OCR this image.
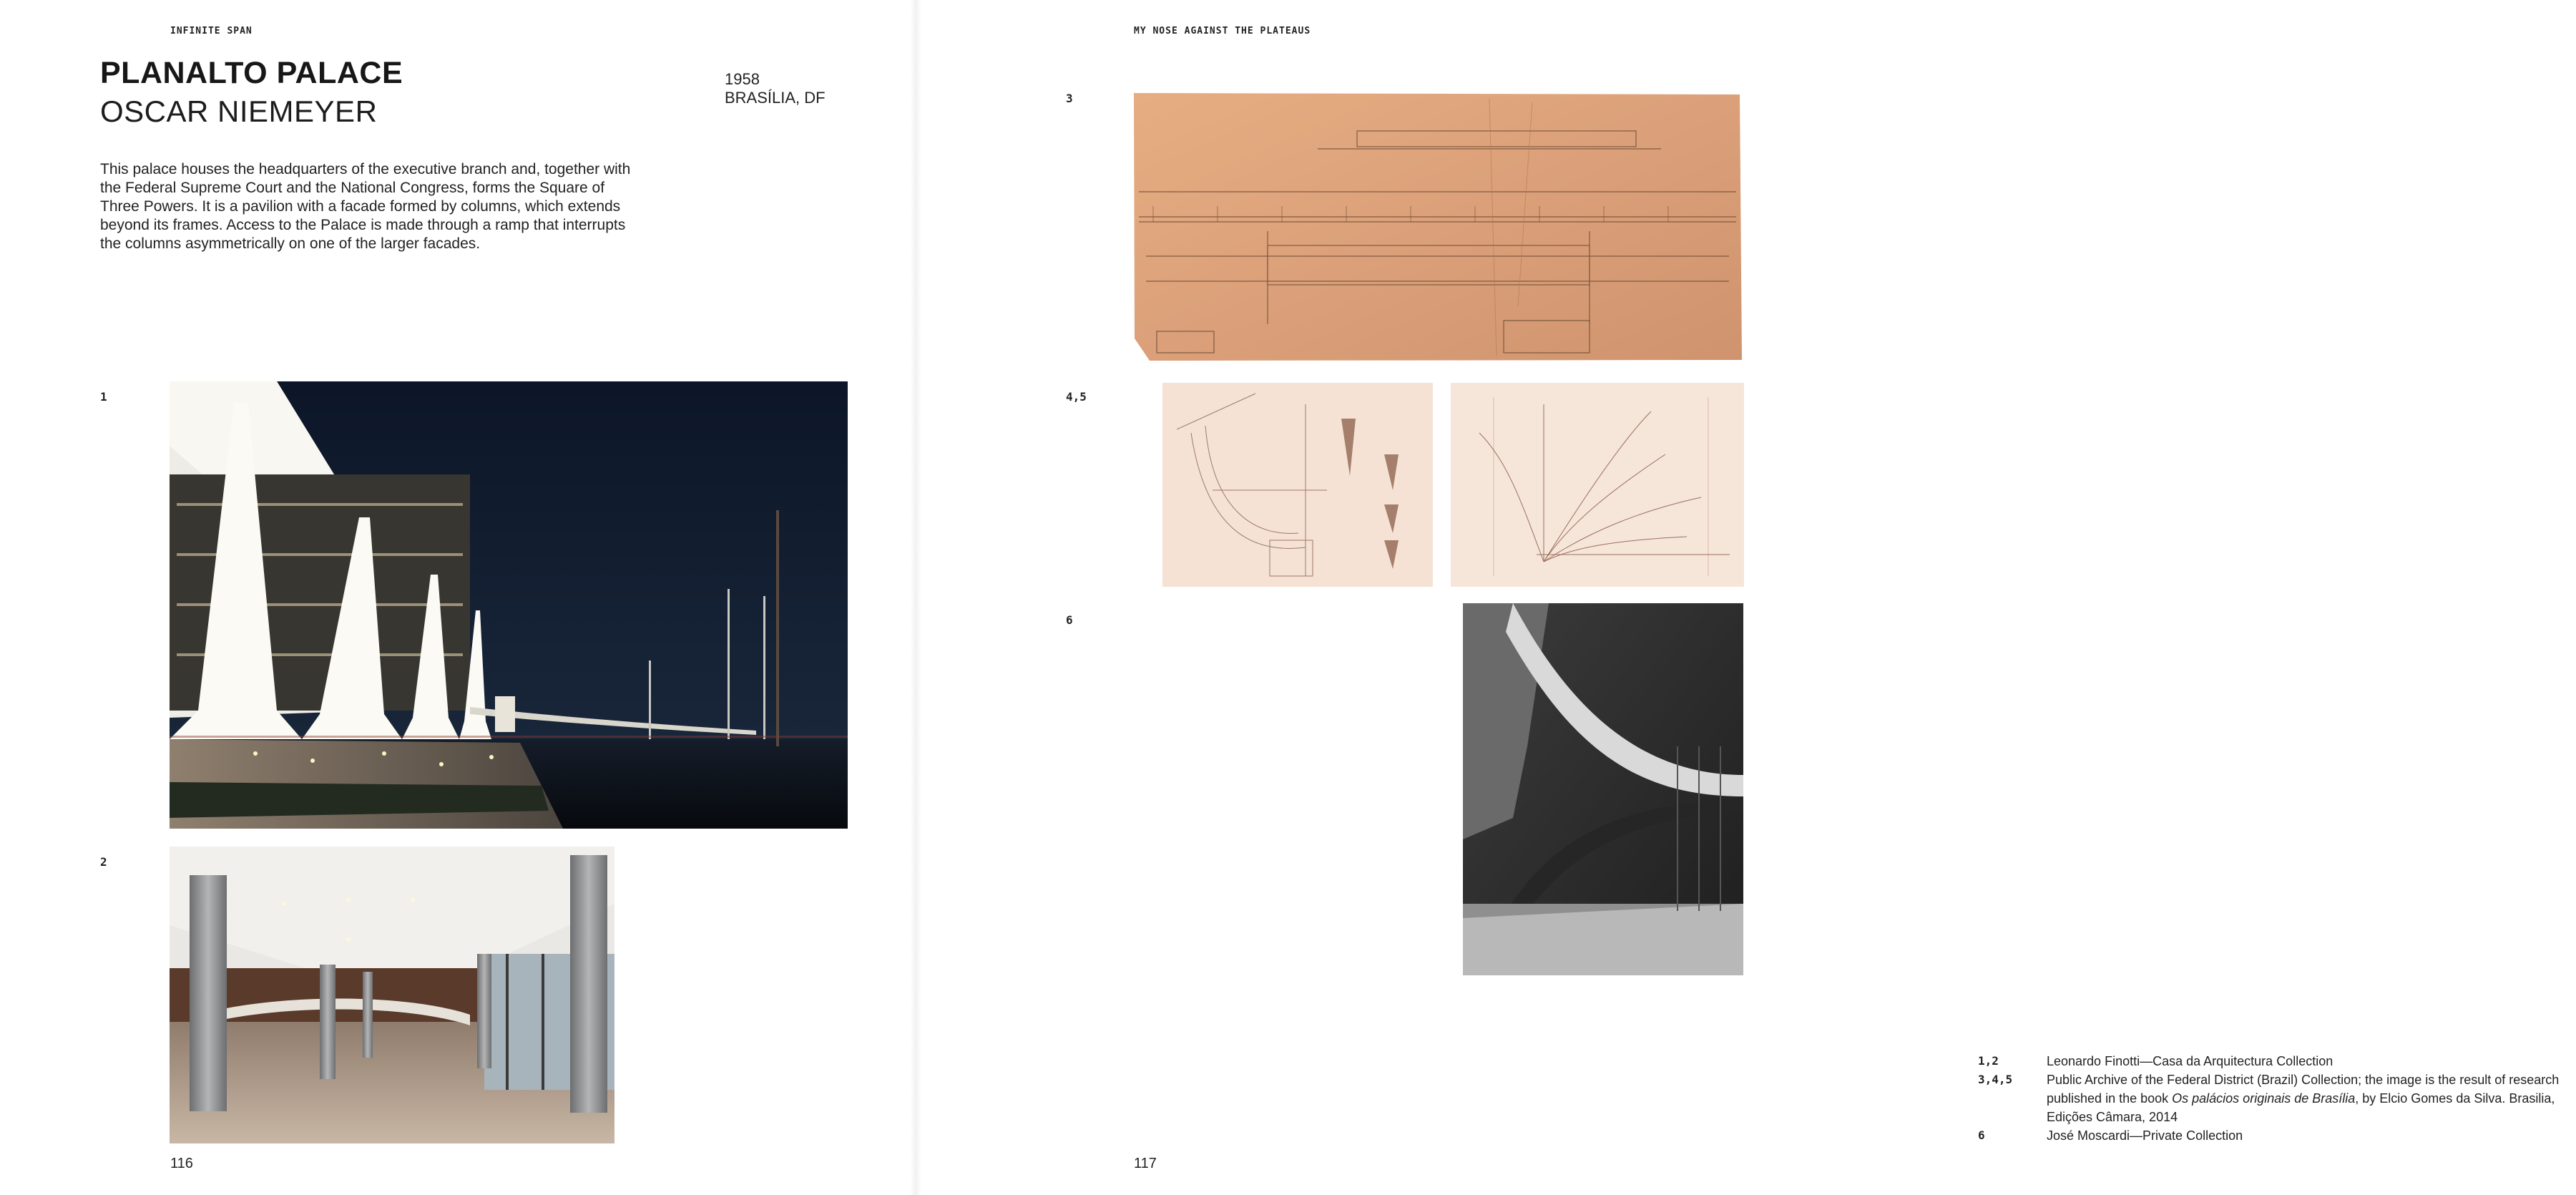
INFINITE SPAN
PLANALTO PALACE
OSCAR NIEMEYER
1958
BRASÍLIA, DF

This palace houses the headquarters of the executive branch and, together with the Federal Supreme Court and the National Congress, forms the Square of Three Powers. It is a pavilion with a facade formed by columns, which extends beyond its frames. Access to the Palace is made through a ramp that interrupts the columns asymmetrically on one of the larger facades.

1
2
116
MY NOSE AGAINST THE PLATEAUS
3
4,5
6
1,2	Leonardo Finotti—Casa da Arquitectura Collection
3,4,5	Public Archive of the Federal District (Brazil) Collection; the image is the result of research published in the book Os palácios originais de Brasília, by Elcio Gomes da Silva. Brasilia, Edições Câmara, 2014
6	José Moscardi—Private Collection
117
